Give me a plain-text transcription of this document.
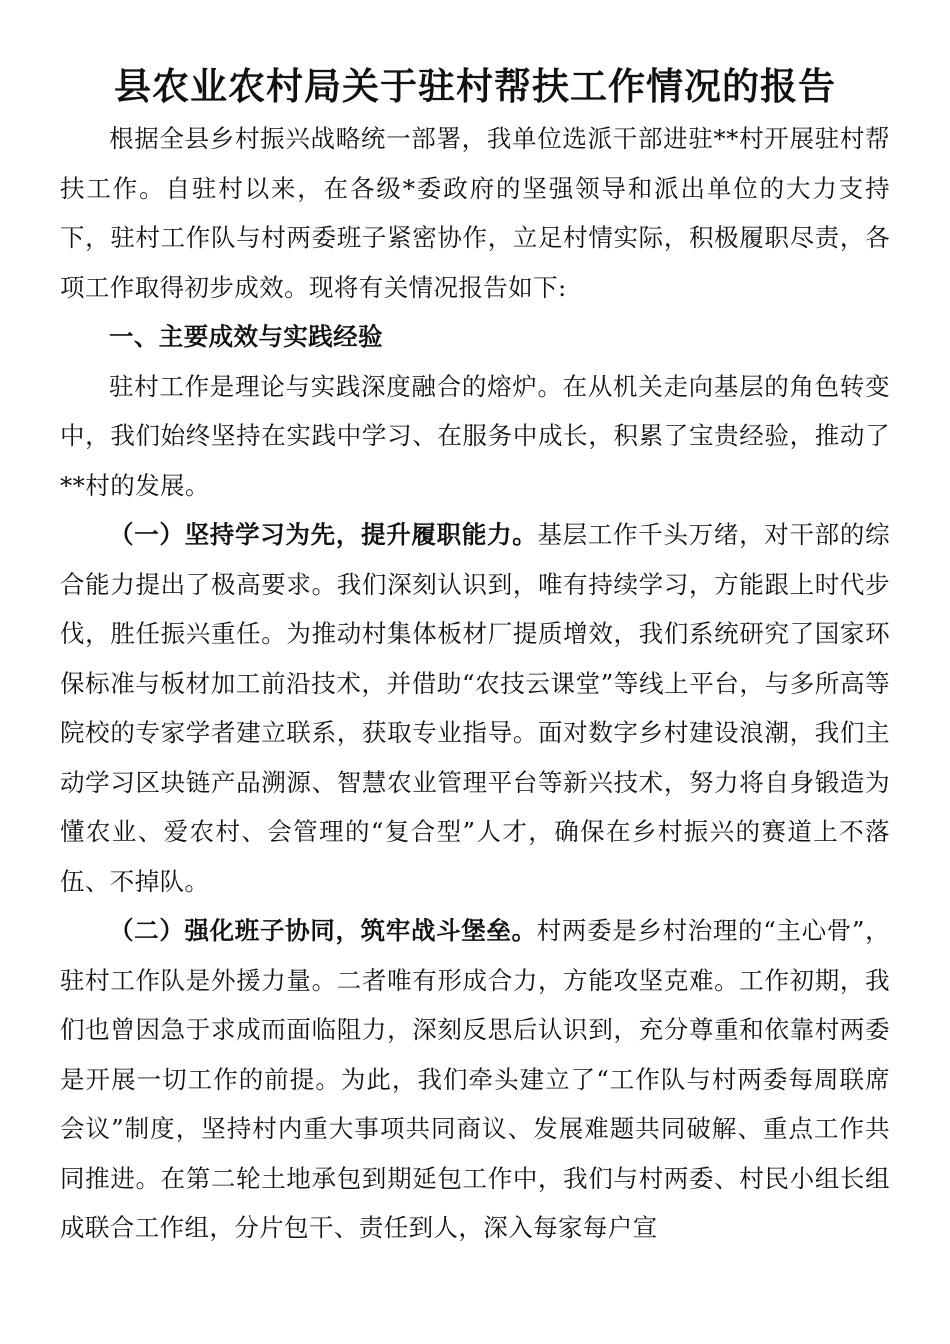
县农业农村局关于驻村帮扶工作情况的报告

根据全县乡村振兴战略统一部署，我单位选派干部进驻**村开展驻村帮扶工作。自驻村以来，在各级*委政府的坚强领导和派出单位的大力支持下，驻村工作队与村两委班子紧密协作，立足村情实际，积极履职尽责，各项工作取得初步成效。现将有关情况报告如下:

一、主要成效与实践经验

驻村工作是理论与实践深度融合的熔炉。在从机关走向基层的角色转变中，我们始终坚持在实践中学习、在服务中成长，积累了宝贵经验，推动了**村的发展。

（一）坚持学习为先，提升履职能力。基层工作千头万绪，对干部的综合能力提出了极高要求。我们深刻认识到，唯有持续学习，方能跟上时代步伐，胜任振兴重任。为推动村集体板材厂提质增效，我们系统研究了国家环保标准与板材加工前沿技术，并借助“农技云课堂”等线上平台，与多所高等院校的专家学者建立联系，获取专业指导。面对数字乡村建设浪潮，我们主动学习区块链产品溯源、智慧农业管理平台等新兴技术，努力将自身锻造为懂农业、爱农村、会管理的“复合型”人才，确保在乡村振兴的赛道上不落伍、不掉队。

（二）强化班子协同，筑牢战斗堡垒。村两委是乡村治理的“主心骨”，驻村工作队是外援力量。二者唯有形成合力，方能攻坚克难。工作初期，我们也曾因急于求成而面临阻力，深刻反思后认识到，充分尊重和依靠村两委是开展一切工作的前提。为此，我们牵头建立了“工作队与村两委每周联席会议”制度，坚持村内重大事项共同商议、发展难题共同破解、重点工作共同推进。在第二轮土地承包到期延包工作中，我们与村两委、村民小组长组成联合工作组，分片包干、责任到人，深入每家每户宣
